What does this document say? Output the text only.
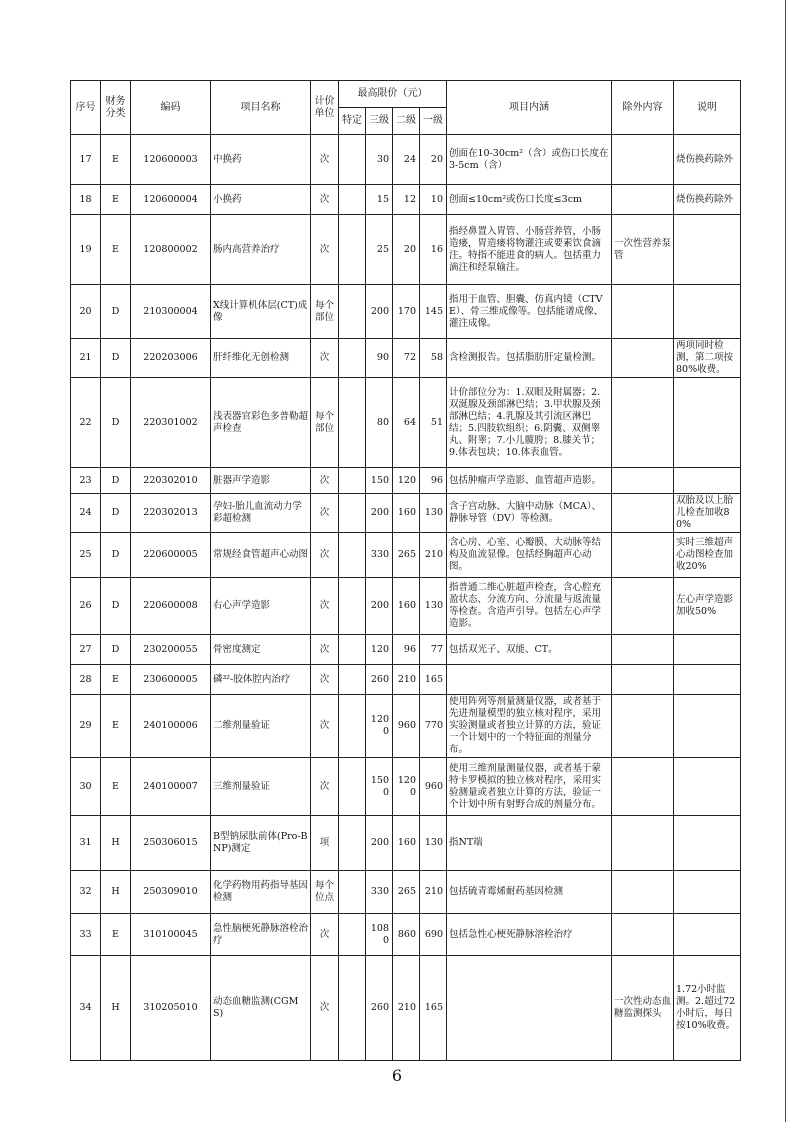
序号	财务分类	编码	项目名称	计价单位	最高限价（元）				项目内涵	除外内容	说明
					特定	三级	二级	一级			
17	E	120600003	中换药	次		30	24	20	创面在10-30cm²（含）或伤口长度在3-5cm（含）		烧伤换药除外
18	E	120600004	小换药	次		15	12	10	创面≤10cm²或伤口长度≤3cm		烧伤换药除外
19	E	120800002	肠内高营养治疗	次		25	20	16	指经鼻置入胃管、小肠营养管，小肠造瘘，胃造瘘将物灌注或要素饮食滴注。特指不能进食的病人。包括重力滴注和经泵输注。	一次性营养泵管	
20	D	210300004	X线计算机体层(CT)成像	每个部位		200	170	145	指用于血管、胆囊、仿真内镜（CTVE）、骨三维成像等。包括能谱成像、灌注成像。		
21	D	220203006	肝纤维化无创检测	次		90	72	58	含检测报告。包括脂肪肝定量检测。		两项同时检测，第二项按80%收费。
22	D	220301002	浅表器官彩色多普勒超声检查	每个部位		80	64	51	计价部位分为：1.双眼及附属器；2.双涎腺及颈部淋巴结；3.甲状腺及颈部淋巴结；4.乳腺及其引流区淋巴结；5.四肢软组织；6.阴囊、双侧睾丸、附睾；7.小儿髋胯；8.膝关节；9.体表包块；10.体表血管。		
23	D	220302010	脏器声学造影	次		150	120	96	包括肿瘤声学造影、血管超声造影。		
24	D	220302013	孕妇-胎儿血流动力学彩超检测	次		200	160	130	含子宫动脉、大脑中动脉（MCA）、静脉导管（DV）等检测。		双胎及以上胎儿检查加收80%
25	D	220600005	常规经食管超声心动图	次		330	265	210	含心房、心室、心瓣膜、大动脉等结构及血流显像。包括经胸超声心动图。		实时三维超声心动图检查加收20%
26	D	220600008	右心声学造影	次		200	160	130	指普通二维心脏超声检查，含心腔充盈状态、分流方向、分流量与返流量等检查。含造声引导。包括左心声学造影。		左心声学造影加收50%
27	D	230200055	骨密度测定	次		120	96	77	包括双光子、双能、CT。		
28	E	230600005	磷³²-胶体腔内治疗	次		260	210	165			
29	E	240100006	二维剂量验证	次		1200	960	770	使用阵列等剂量测量仪器，或者基于先进剂量模型的独立核对程序，采用实验测量或者独立计算的方法，验证一个计划中的一个特征面的剂量分布。		
30	E	240100007	三维剂量验证	次		1500	1200	960	使用三维剂量测量仪器，或者基于蒙特卡罗模拟的独立核对程序，采用实验测量或者独立计算的方法，验证一个计划中所有射野合成的剂量分布。		
31	H	250306015	B型钠尿肽前体(Pro-BNP)测定	项		200	160	130	指NT端		
32	H	250309010	化学药物用药指导基因检测	每个位点		330	265	210	包括硫青霉烯耐药基因检测		
33	E	310100045	急性脑梗死静脉溶栓治疗	次		1080	860	690	包括急性心梗死静脉溶栓治疗		
34	H	310205010	动态血糖监测(CGMS)	次		260	210	165		一次性动态血糖监测探头	1.72小时监测。2.超过72小时后，每日按10%收费。
6
